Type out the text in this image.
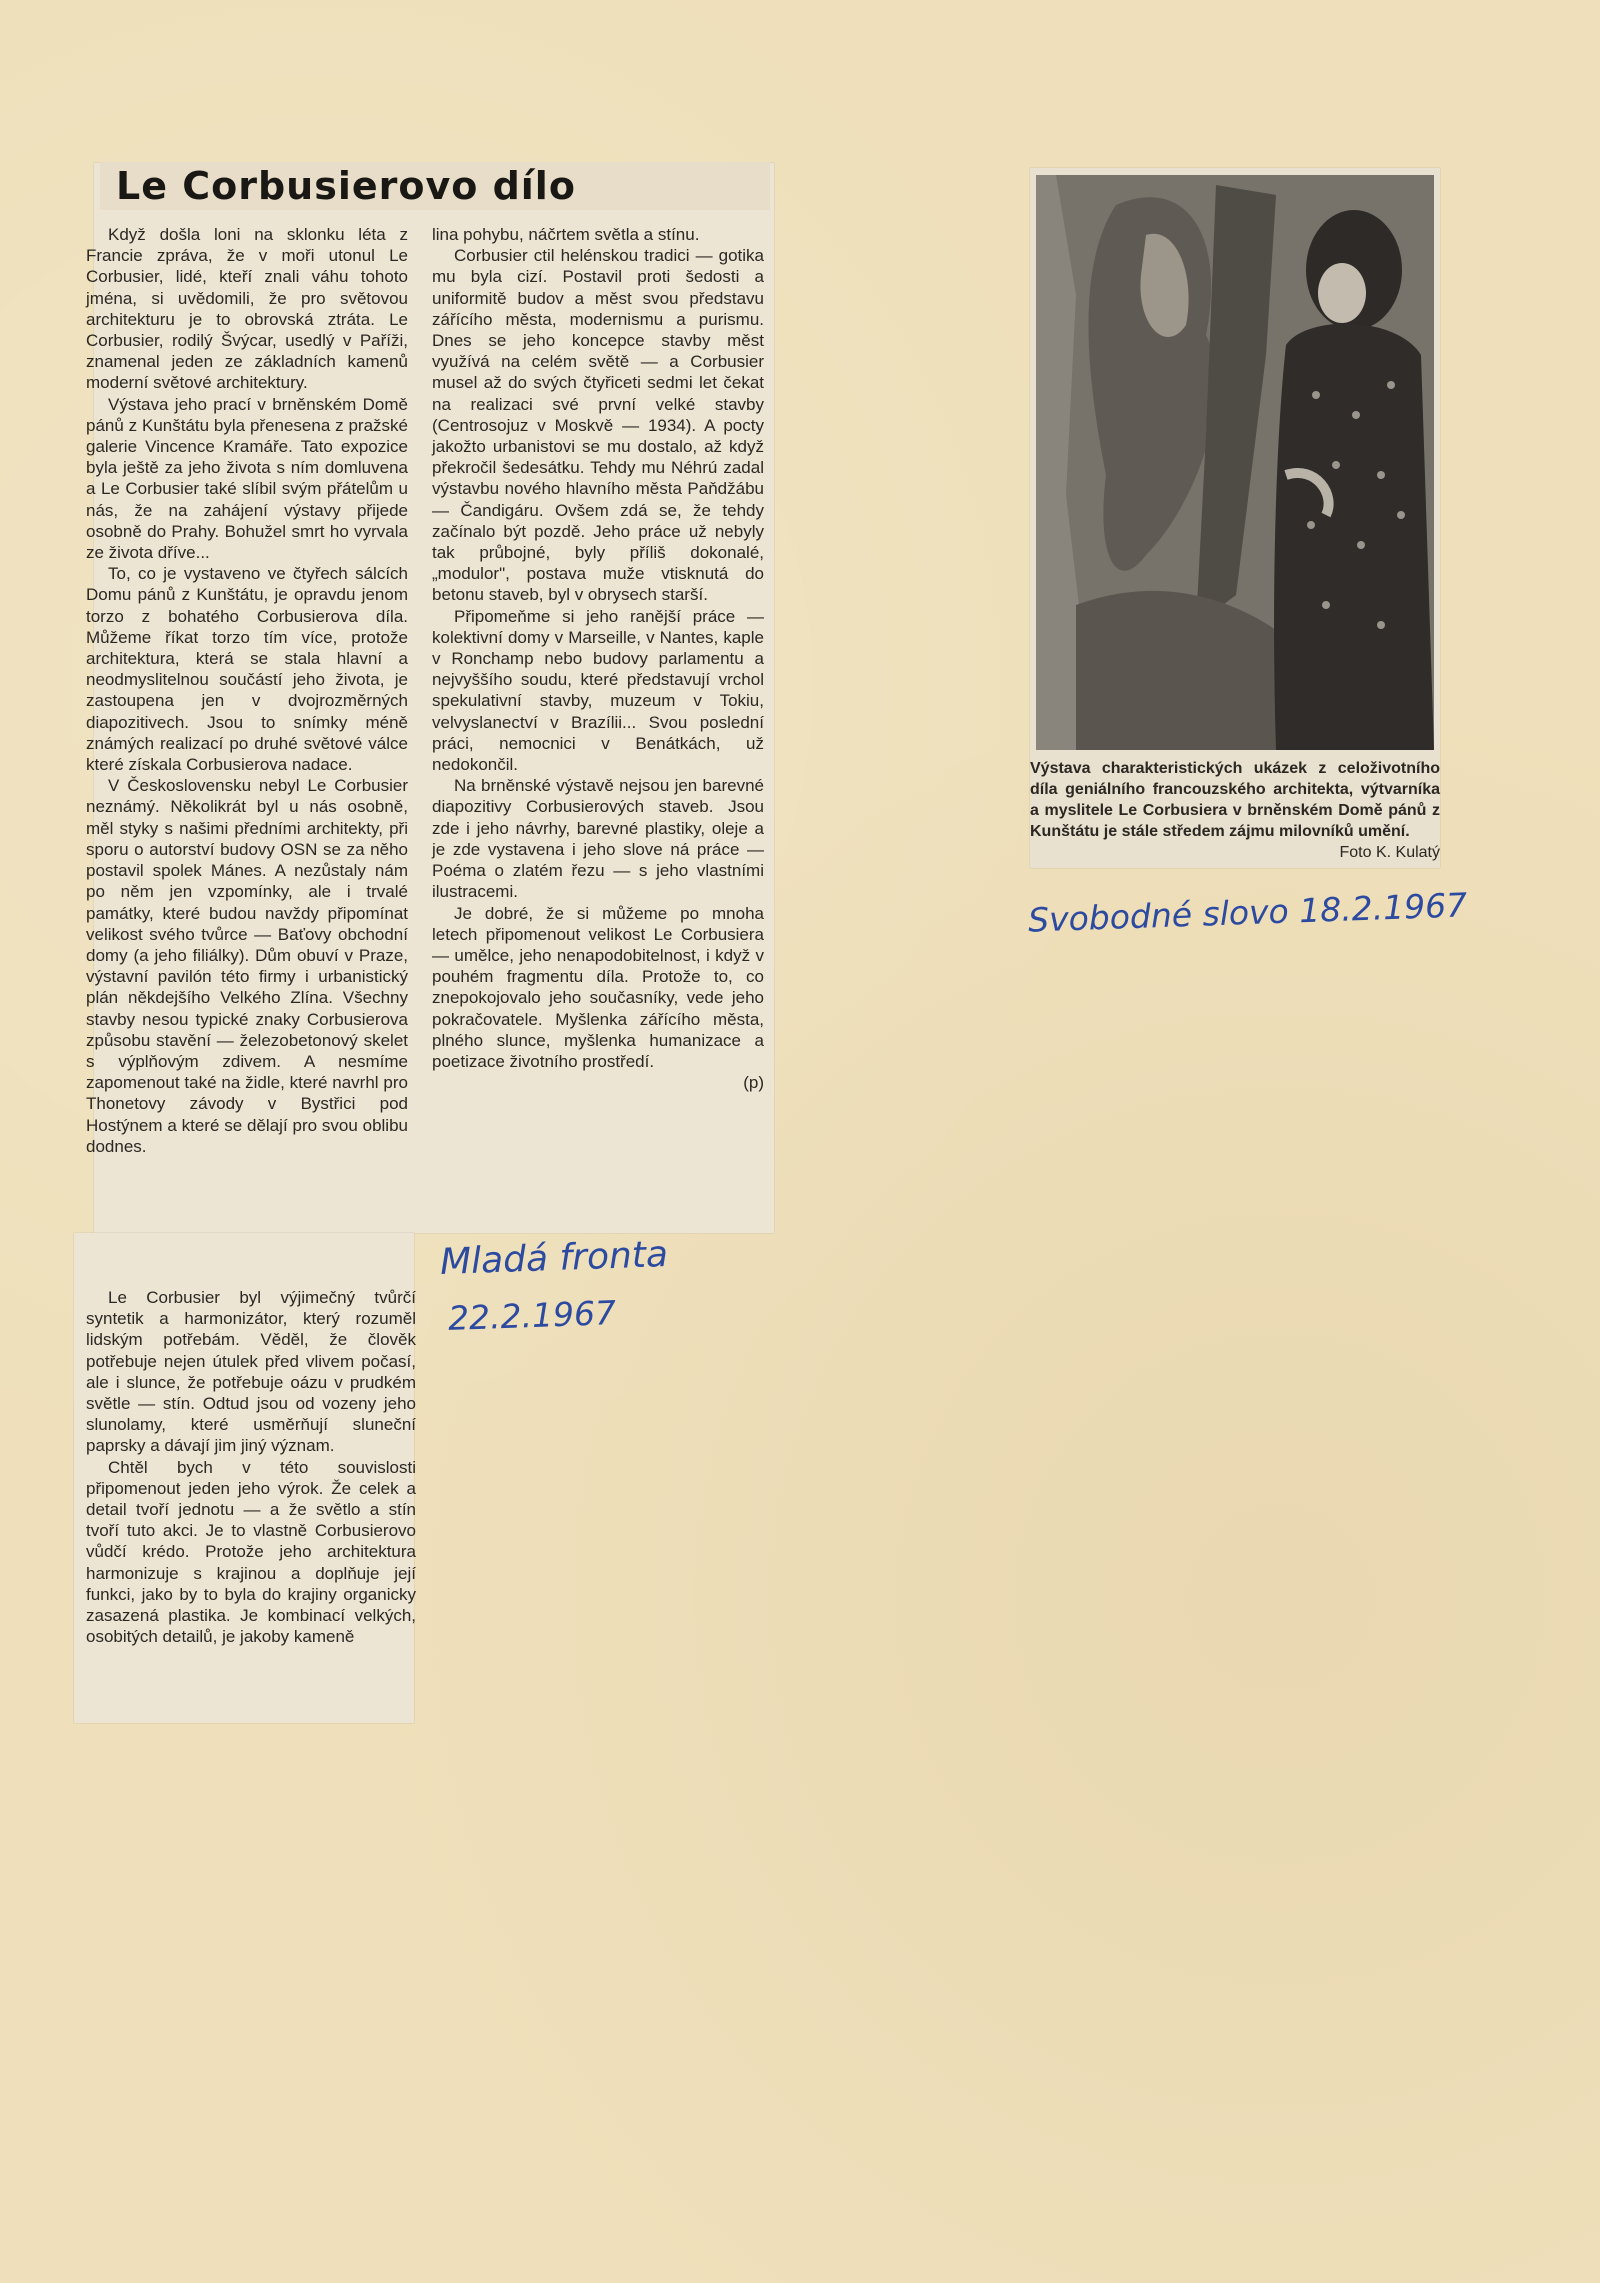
Le Corbusierovo dílo

Když došla loni na sklonku léta z Francie zpráva, že v moři utonul Le Corbusier, lidé, kteří znali váhu tohoto jména, si uvědomili, že pro světovou architekturu je to obrovská ztráta. Le Corbusier, rodilý Švýcar, usedlý v Paříži, znamenal jeden ze základních kamenů moderní světové architektury.

Výstava jeho prací v brněnském Domě pánů z Kunštátu byla přenesena z pražské galerie Vincence Kramáře. Tato expozice byla ještě za jeho života s ním domluvena a Le Corbusier také slíbil svým přátelům u nás, že na zahájení výstavy přijede osobně do Prahy. Bohužel smrt ho vyrvala ze života dříve...

To, co je vystaveno ve čtyřech sálcích Domu pánů z Kunštátu, je opravdu jenom torzo z bohatého Corbusierova díla. Můžeme říkat torzo tím více, protože architektura, která se stala hlavní a neodmyslitelnou součástí jeho života, je zastoupena jen v dvojrozměrných diapozitivech. Jsou to snímky méně známých realizací po druhé světové válce které získala Corbusierova nadace.

V Československu nebyl Le Corbusier neznámý. Několikrát byl u nás osobně, měl styky s našimi předními architekty, při sporu o autorství budovy OSN se za něho postavil spolek Mánes. A nezůstaly nám po něm jen vzpomínky, ale i trvalé památky, které budou navždy připomínat velikost svého tvůrce — Baťovy obchodní domy (a jeho filiálky). Dům obuví v Praze, výstavní pavilón této firmy i urbanistický plán někdejšího Velkého Zlína. Všechny stavby nesou typické znaky Corbusierova způsobu stavění — železobetonový skelet s výplňovým zdivem. A nesmíme zapomenout také na židle, které navrhl pro Thonetovy závody v Bystřici pod Hostýnem a které se dělají pro svou oblibu dodnes.

Le Corbusier byl výjimečný tvůrčí syntetik a harmonizátor, který rozuměl lidským potřebám. Věděl, že člověk potřebuje nejen útulek před vlivem počasí, ale i slunce, že potřebuje oázu v prudkém světle — stín. Odtud jsou od vozeny jeho slunolamy, které usměrňují sluneční paprsky a dávají jim jiný význam.

Chtěl bych v této souvislosti připomenout jeden jeho výrok. Že celek a detail tvoří jednotu — a že světlo a stín tvoří tuto akci. Je to vlastně Corbusierovo vůdčí krédo. Protože jeho architektura harmonizuje s krajinou a doplňuje její funkci, jako by to byla do krajiny organicky zasazená plastika. Je kombinací velkých, osobitých detailů, je jakoby kameně

lina pohybu, náčrtem světla a stínu.

Corbusier ctil helénskou tradici — gotika mu byla cizí. Postavil proti šedosti a uniformitě budov a měst svou představu zářícího města, modernismu a purismu. Dnes se jeho koncepce stavby měst využívá na celém světě — a Corbusier musel až do svých čtyřiceti sedmi let čekat na realizaci své první velké stavby (Centrosojuz v Moskvě — 1934). A pocty jakožto urbanistovi se mu dostalo, až když překročil šedesátku. Tehdy mu Néhrú zadal výstavbu nového hlavního města Paňdžábu — Čandigáru. Ovšem zdá se, že tehdy začínalo být pozdě. Jeho práce už nebyly tak průbojné, byly příliš dokonalé, „modulor", postava muže vtisknutá do betonu staveb, byl v obrysech starší.

Připomeňme si jeho ranější práce — kolektivní domy v Marseille, v Nantes, kaple v Ronchamp nebo budovy parlamentu a nejvyššího soudu, které představují vrchol spekulativní stavby, muzeum v Tokiu, velvyslanectví v Brazílii... Svou poslední práci, nemocnici v Benátkách, už nedokončil.

Na brněnské výstavě nejsou jen barevné diapozitivy Corbusierových staveb. Jsou zde i jeho návrhy, barevné plastiky, oleje a je zde vystavena i jeho slove ná práce — Poéma o zlatém řezu — s jeho vlastními ilustracemi.

Je dobré, že si můžeme po mnoha letech připomenout velikost Le Corbusiera — umělce, jeho nenapodobitelnost, i když v pouhém fragmentu díla. Protože to, co znepokojovalo jeho současníky, vede jeho pokračovatele. Myšlenka zářícího města, plného slunce, myšlenka humanizace a poetizace životního prostředí.

(p)
Výstava charakteristických ukázek z celoživotního díla geniálního francouzského architekta, výtvarníka a myslitele Le Corbusiera v brněnském Domě pánů z Kunštátu je stále středem zájmu milovníků umění.
Foto K. Kulatý
Svobodné slovo 18.2.1967
Mladá fronta
22.2.1967
